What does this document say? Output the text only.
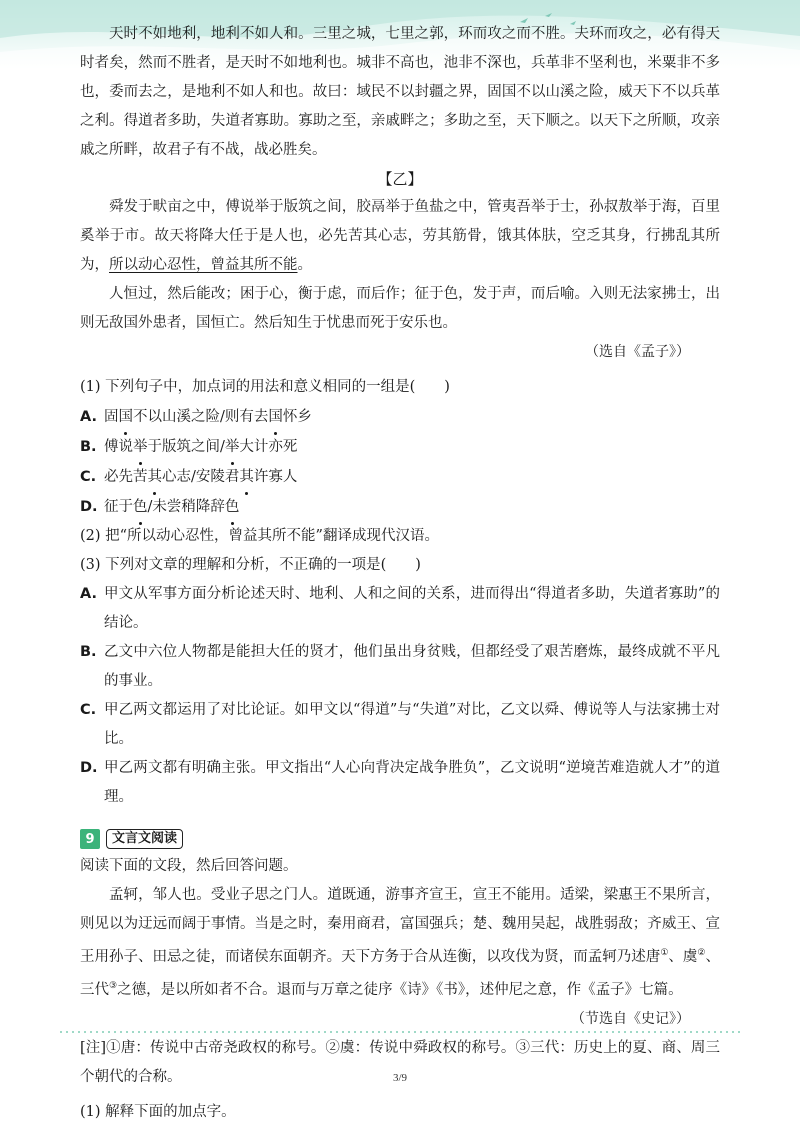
天时不如地利，地利不如人和。三里之城，七里之郭，环而攻之而不胜。夫环而攻之，必有得天时者矣，然而不胜者，是天时不如地利也。城非不高也，池非不深也，兵革非不坚利也，米粟非不多也，委而去之，是地利不如人和也。故曰：域民不以封疆之界，固国不以山溪之险，威天下不以兵革之利。得道者多助，失道者寡助。寡助之至，亲戚畔之；多助之至，天下顺之。以天下之所顺，攻亲戚之所畔，故君子有不战，战必胜矣。

【乙】

舜发于畎亩之中，傅说举于版筑之间，胶鬲举于鱼盐之中，管夷吾举于士，孙叔敖举于海，百里奚举于市。故天将降大任于是人也，必先苦其心志，劳其筋骨，饿其体肤，空乏其身，行拂乱其所为，所以动心忍性，曾益其所不能。

人恒过，然后能改；困于心，衡于虑，而后作；征于色，发于声，而后喻。入则无法家拂士，出则无敌国外患者，国恒亡。然后知生于忧患而死于安乐也。

（选自《孟子》）

(1) 下列句子中，加点词的用法和意义相同的一组是(　　)

A. 固国不以山溪之险/则有去国怀乡
B. 傅说举于版筑之间/举大计亦死
C. 必先苦其心志/安陵君其许寡人
D. 征于色/未尝稍降辞色

(2) 把“所以动心忍性，曾益其所不能”翻译成现代汉语。

(3) 下列对文章的理解和分析，不正确的一项是(　　)

A. 甲文从军事方面分析论述天时、地利、人和之间的关系，进而得出“得道者多助，失道者寡助”的结论。
B. 乙文中六位人物都是能担大任的贤才，他们虽出身贫贱，但都经受了艰苦磨炼，最终成就不平凡的事业。
C. 甲乙两文都运用了对比论证。如甲文以“得道”与“失道”对比，乙文以舜、傅说等人与法家拂士对比。
D. 甲乙两文都有明确主张。甲文指出“人心向背决定战争胜负”，乙文说明“逆境苦难造就人才”的道理。
9	文言文阅读

阅读下面的文段，然后回答问题。

孟轲，邹人也。受业子思之门人。道既通，游事齐宣王，宣王不能用。适梁，梁惠王不果所言，则见以为迂远而阔于事情。当是之时，秦用商君，富国强兵；楚、魏用吴起，战胜弱敌；齐威王、宣王用孙子、田忌之徒，而诸侯东面朝齐。天下方务于合从连衡，以攻伐为贤，而孟轲乃述唐①、虞②、三代③之德，是以所如者不合。退而与万章之徒序《诗》《书》，述仲尼之意，作《孟子》七篇。

（节选自《史记》）

[注]①唐：传说中古帝尧政权的称号。②虞：传说中舜政权的称号。③三代：历史上的夏、商、周三个朝代的合称。

(1) 解释下面的加点字。

3/9
